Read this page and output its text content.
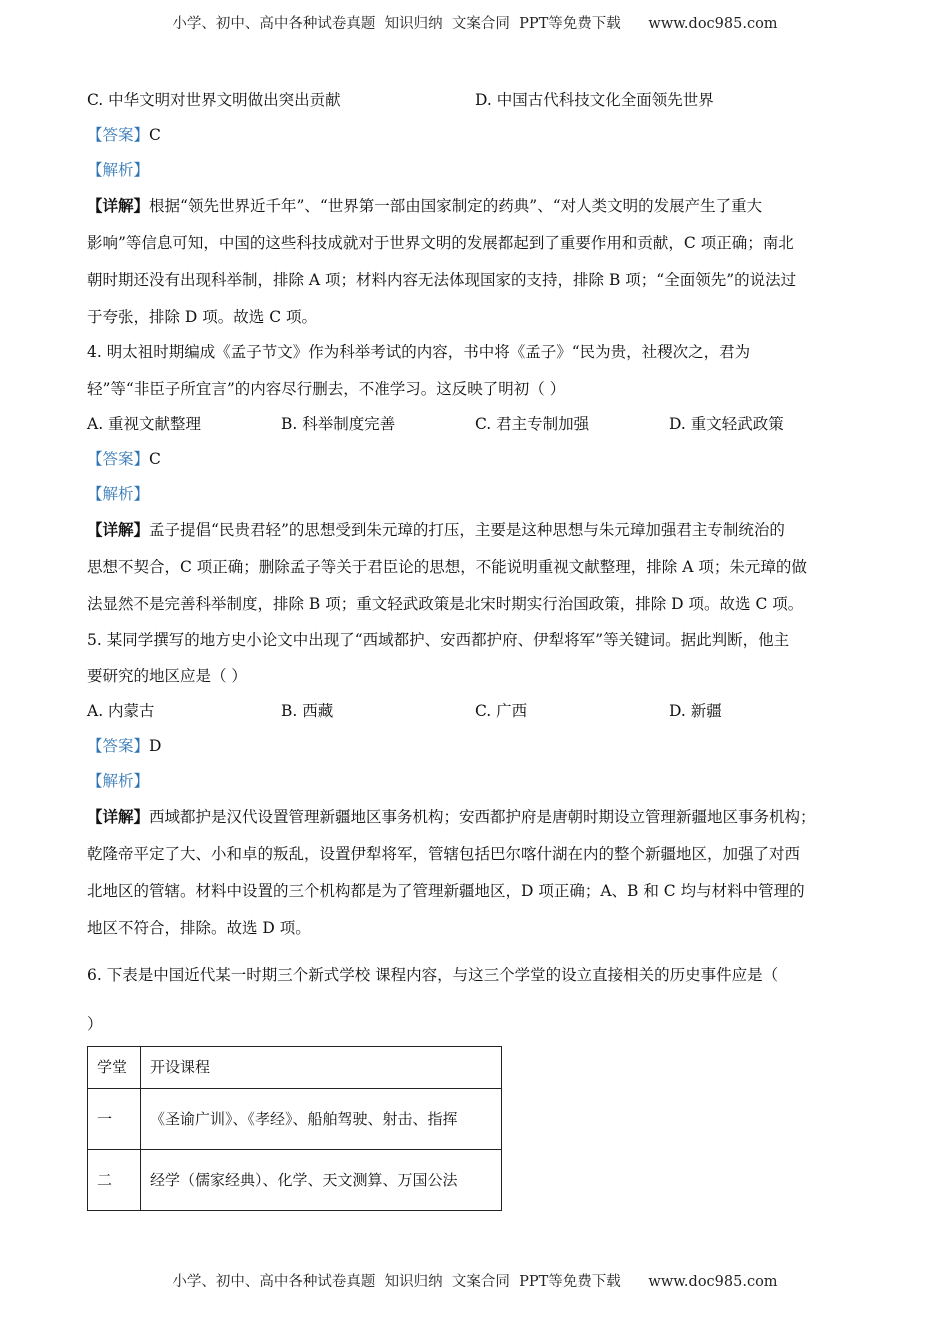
小学、初中、高中各种试卷真题  知识归纳  文案合同  PPT等免费下载      www.doc985.com
C. 中华文明对世界文明做出突出贡献	D. 中国古代科技文化全面领先世界
【答案】C
【解析】
【详解】根据“领先世界近千年”、“世界第一部由国家制定的药典”、“对人类文明的发展产生了重大
影响”等信息可知，中国的这些科技成就对于世界文明的发展都起到了重要作用和贡献，C 项正确；南北
朝时期还没有出现科举制，排除 A 项；材料内容无法体现国家的支持，排除 B 项；“全面领先”的说法过
于夸张，排除 D 项。故选 C 项。
4. 明太祖时期编成《孟子节文》作为科举考试的内容，书中将《孟子》“民为贵，社稷次之，君为
轻”等“非臣子所宜言”的内容尽行删去，不准学习。这反映了明初（ ）
A. 重视文献整理	B. 科举制度完善	C. 君主专制加强	D. 重文轻武政策
【答案】C
【解析】
【详解】孟子提倡“民贵君轻”的思想受到朱元璋的打压，主要是这种思想与朱元璋加强君主专制统治的
思想不契合，C 项正确；删除孟子等关于君臣论的思想，不能说明重视文献整理，排除 A 项；朱元璋的做
法显然不是完善科举制度，排除 B 项；重文轻武政策是北宋时期实行治国政策，排除 D 项。故选 C 项。
5. 某同学撰写的地方史小论文中出现了“西域都护、安西都护府、伊犁将军”等关键词。据此判断，他主
要研究的地区应是（ ）
A. 内蒙古	B. 西藏	C. 广西	D. 新疆
【答案】D
【解析】
【详解】西域都护是汉代设置管理新疆地区事务机构；安西都护府是唐朝时期设立管理新疆地区事务机构；
乾隆帝平定了大、小和卓的叛乱，设置伊犁将军，管辖包括巴尔喀什湖在内的整个新疆地区，加强了对西
北地区的管辖。材料中设置的三个机构都是为了管理新疆地区，D 项正确；A、B 和 C 均与材料中管理的
地区不符合，排除。故选 D 项。
6. 下表是中国近代某一时期三个新式学校 课程内容，与这三个学堂的设立直接相关的历史事件应是（
）
学堂	开设课程
一	《圣谕广训》、《孝经》、船舶驾驶、射击、指挥
二	经学（儒家经典）、化学、天文测算、万国公法
小学、初中、高中各种试卷真题  知识归纳  文案合同  PPT等免费下载      www.doc985.com
